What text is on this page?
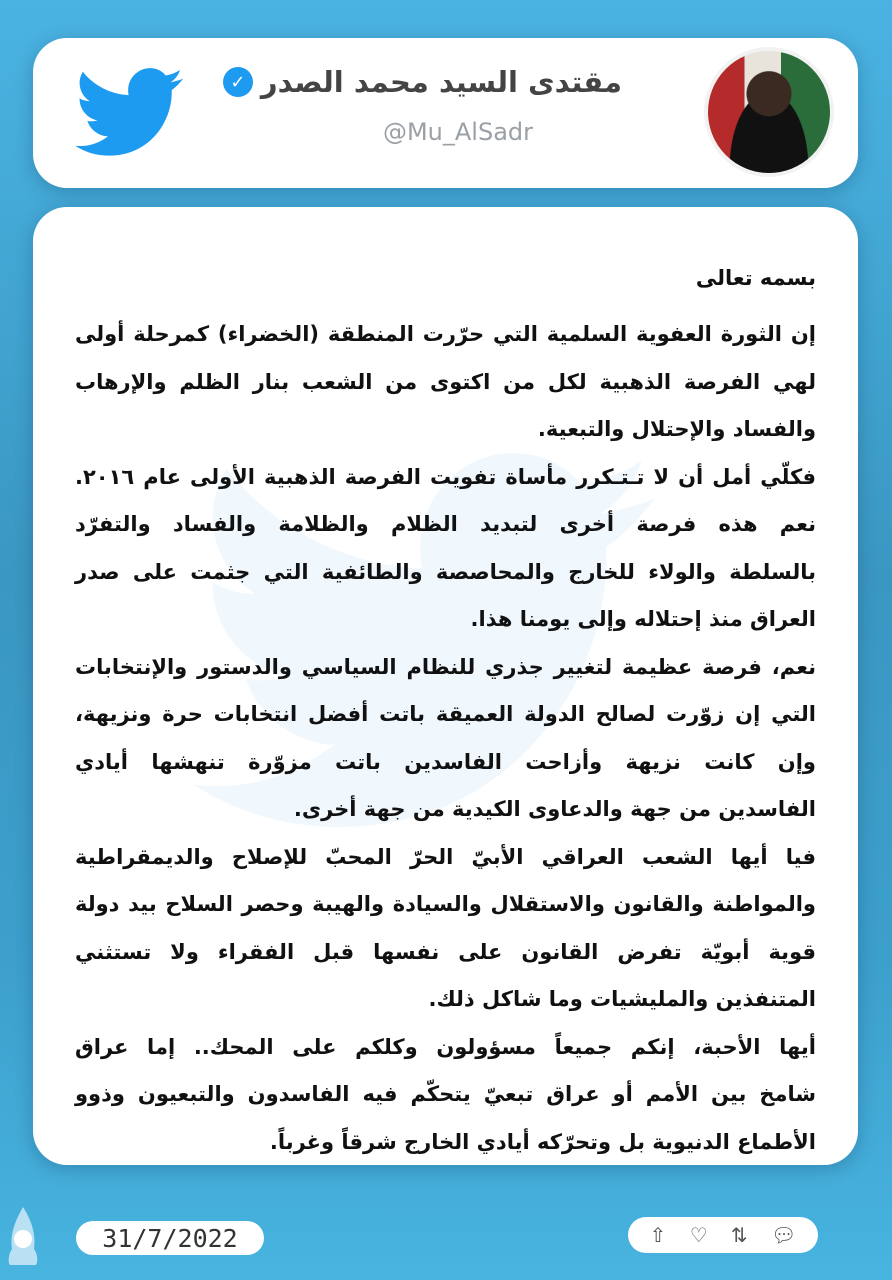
مقتدى السيد محمد الصدر
✓
@Mu_AlSadr
بسمه تعالى
إن الثورة العفوية السلمية التي حرّرت المنطقة (الخضراء) كمرحلة أولى
لهي الفرصة الذهبية لكل من اكتوى من الشعب بنار الظلم والإرهاب
والفساد والإحتلال والتبعية.
فكلّي أمل أن لا تـتـكرر مأساة تفويت الفرصة الذهبية الأولى عام ٢٠١٦.
نعم هذه فرصة أخرى لتبديد الظلام والظلامة والفساد والتفرّد
بالسلطة والولاء للخارج والمحاصصة والطائفية التي جثمت على صدر
العراق منذ إحتلاله وإلى يومنا هذا.
نعم، فرصة عظيمة لتغيير جذري للنظام السياسي والدستور والإنتخابات
التي إن زوّرت لصالح الدولة العميقة باتت أفضل انتخابات حرة ونزيهة،
وإن كانت نزيهة وأزاحت الفاسدين باتت مزوّرة تنهشها أيادي
الفاسدين من جهة والدعاوى الكيدية من جهة أخرى.
فيا أيها الشعب العراقي الأبيّ الحرّ المحبّ للإصلاح والديمقراطية
والمواطنة والقانون والاستقلال والسيادة والهيبة وحصر السلاح بيد دولة
قوية أبويّة تفرض القانون على نفسها قبل الفقراء ولا تستثني
المتنفذين والمليشيات وما شاكل ذلك.
أيها الأحبة، إنكم جميعاً مسؤولون وكلكم على المحك.. إما عراق
شامخ بين الأمم أو عراق تبعيّ يتحكّم فيه الفاسدون والتبعيون وذوو
الأطماع الدنيوية بل وتحرّكه أيادي الخارج شرقاً وغرباً.
31/7/2022	⇧ ♡ ⇅ 💬︎
